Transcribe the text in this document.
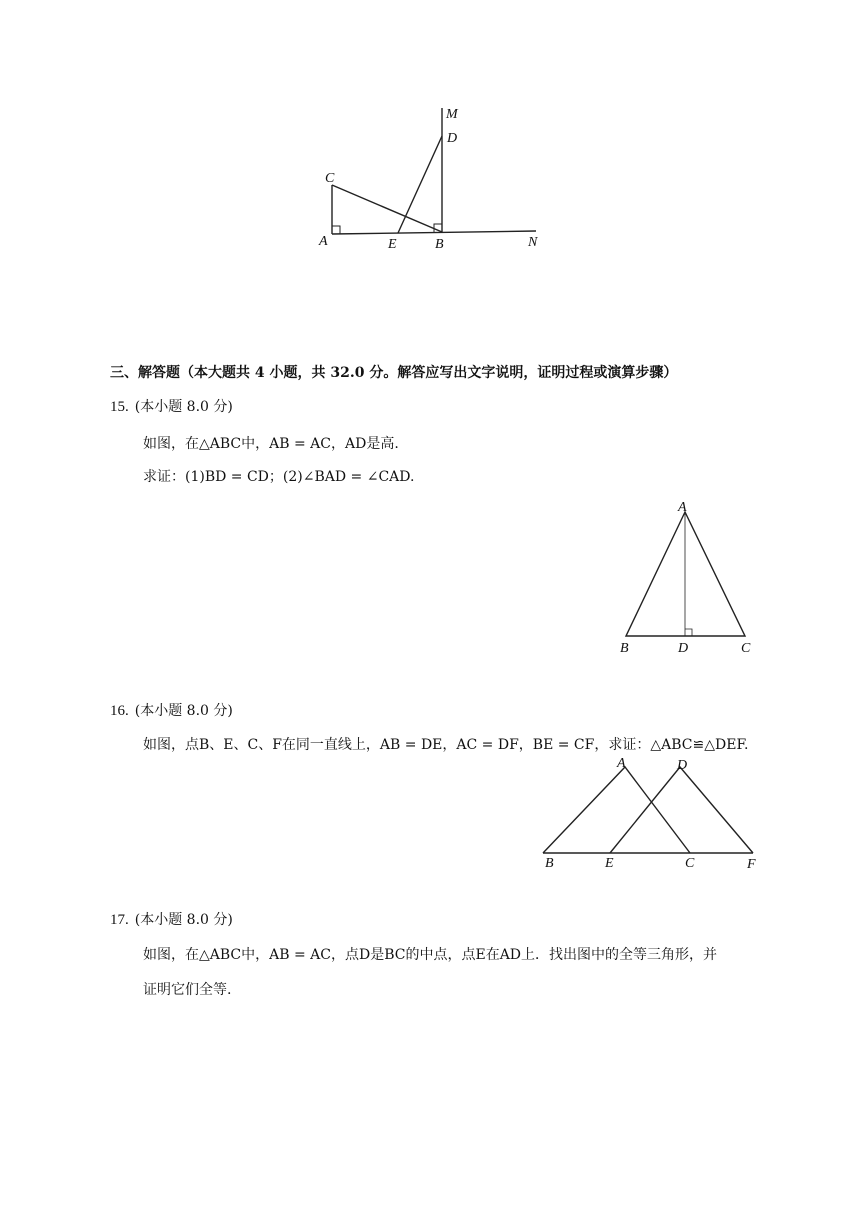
M
D
C
A	E	B	N
三、解答题（本大题共 4 小题，共 32.0 分。解答应写出文字说明，证明过程或演算步骤）
15. (本小题 8.0 分)
如图，在△ABC中，AB = AC，AD是高.
求证：(1)BD = CD；(2)∠BAD = ∠CAD.
A
B	D	C
16. (本小题 8.0 分)
如图，点B、E、C、F在同一直线上，AB = DE，AC = DF，BE = CF，求证：△ABC≌△DEF.
A	D
B	E	C	F
17. (本小题 8.0 分)
如图，在△ABC中，AB = AC，点D是BC的中点，点E在AD上．找出图中的全等三角形，并
证明它们全等.
